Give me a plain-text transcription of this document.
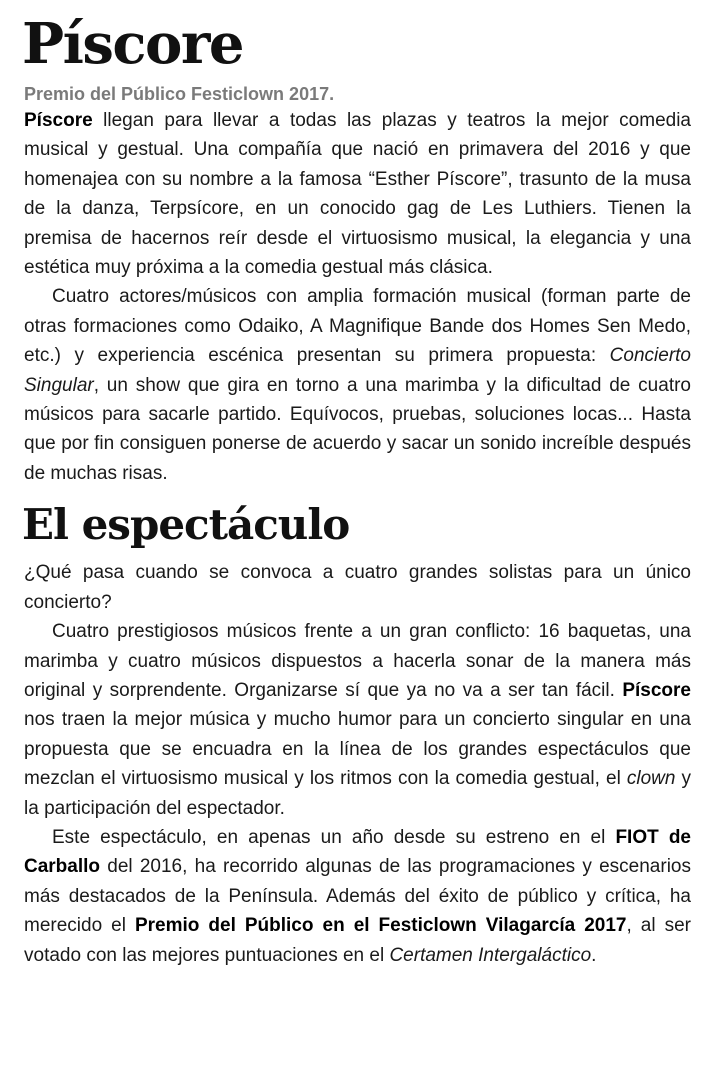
Píscore
Premio del Público Festiclown 2017.

Píscore llegan para llevar a todas las plazas y teatros la mejor comedia musical y gestual. Una compañía que nació en primavera del 2016 y que homenajea con su nombre a la famosa “Esther Píscore”, trasunto de la musa de la danza, Terpsícore, en un conocido gag de Les Luthiers. Tienen la premisa de hacernos reír desde el virtuosismo musical, la elegancia y una estética muy próxima a la comedia gestual más clásica.

Cuatro actores/músicos con amplia formación musical (forman parte de otras formaciones como Odaiko, A Magnifique Bande dos Homes Sen Medo, etc.) y experiencia escénica presentan su primera propuesta: Concierto Singular, un show que gira en torno a una marimba y la dificultad de cuatro músicos para sacarle partido. Equívocos, pruebas, soluciones locas... Hasta que por fin consiguen ponerse de acuerdo y sacar un sonido increíble después de muchas risas.

El espectáculo

¿Qué pasa cuando se convoca a cuatro grandes solistas para un único concierto?

Cuatro prestigiosos músicos frente a un gran conflicto: 16 baquetas, una marimba y cuatro músicos dispuestos a hacerla sonar de la manera más original y sorprendente. Organizarse sí que ya no va a ser tan fácil. Píscore nos traen la mejor música y mucho humor para un concierto singular en una propuesta que se encuadra en la línea de los grandes espectáculos que mezclan el virtuosismo musical y los ritmos con la comedia gestual, el clown y la participación del espectador.

Este espectáculo, en apenas un año desde su estreno en el FIOT de Carballo del 2016, ha recorrido algunas de las programaciones y escenarios más destacados de la Península. Además del éxito de público y crítica, ha merecido el Premio del Público en el Festiclown Vilagarcía 2017, al ser votado con las mejores puntuaciones en el Certamen Intergaláctico.
